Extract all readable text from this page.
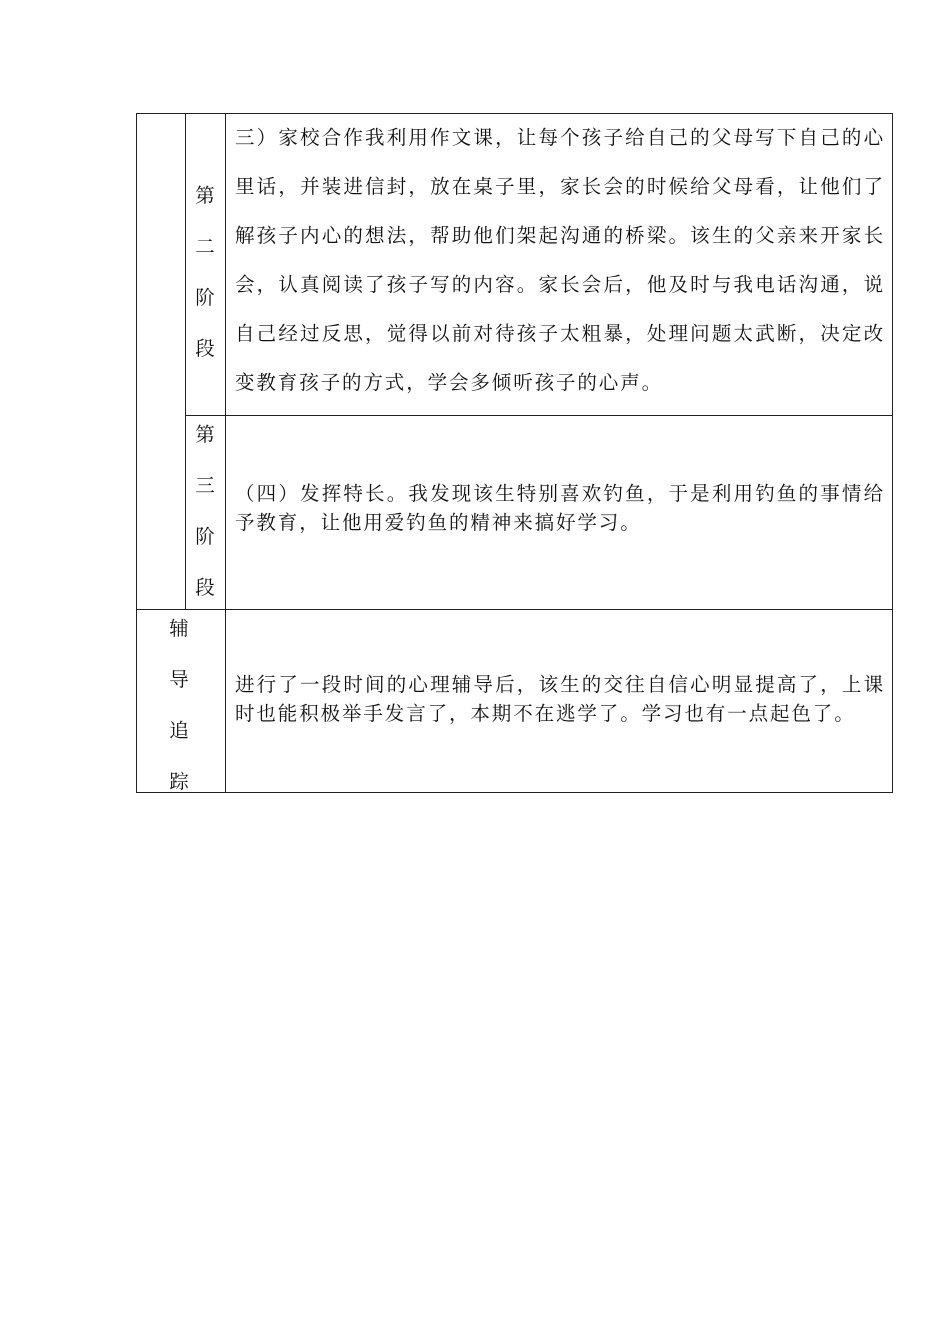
第
二
阶
段
三）家校合作我利用作文课，让每个孩子给自己的父母写下自己的心里话，并装进信封，放在桌子里，家长会的时候给父母看，让他们了解孩子内心的想法，帮助他们架起沟通的桥梁。该生的父亲来开家长会，认真阅读了孩子写的内容。家长会后，他及时与我电话沟通，说自己经过反思，觉得以前对待孩子太粗暴，处理问题太武断，决定改变教育孩子的方式，学会多倾听孩子的心声。
第
三
阶
段
（四）发挥特长。我发现该生特别喜欢钓鱼，于是利用钓鱼的事情给予教育，让他用爱钓鱼的精神来搞好学习。
辅
导
追
踪
进行了一段时间的心理辅导后，该生的交往自信心明显提高了，上课时也能积极举手发言了，本期不在逃学了。学习也有一点起色了。
